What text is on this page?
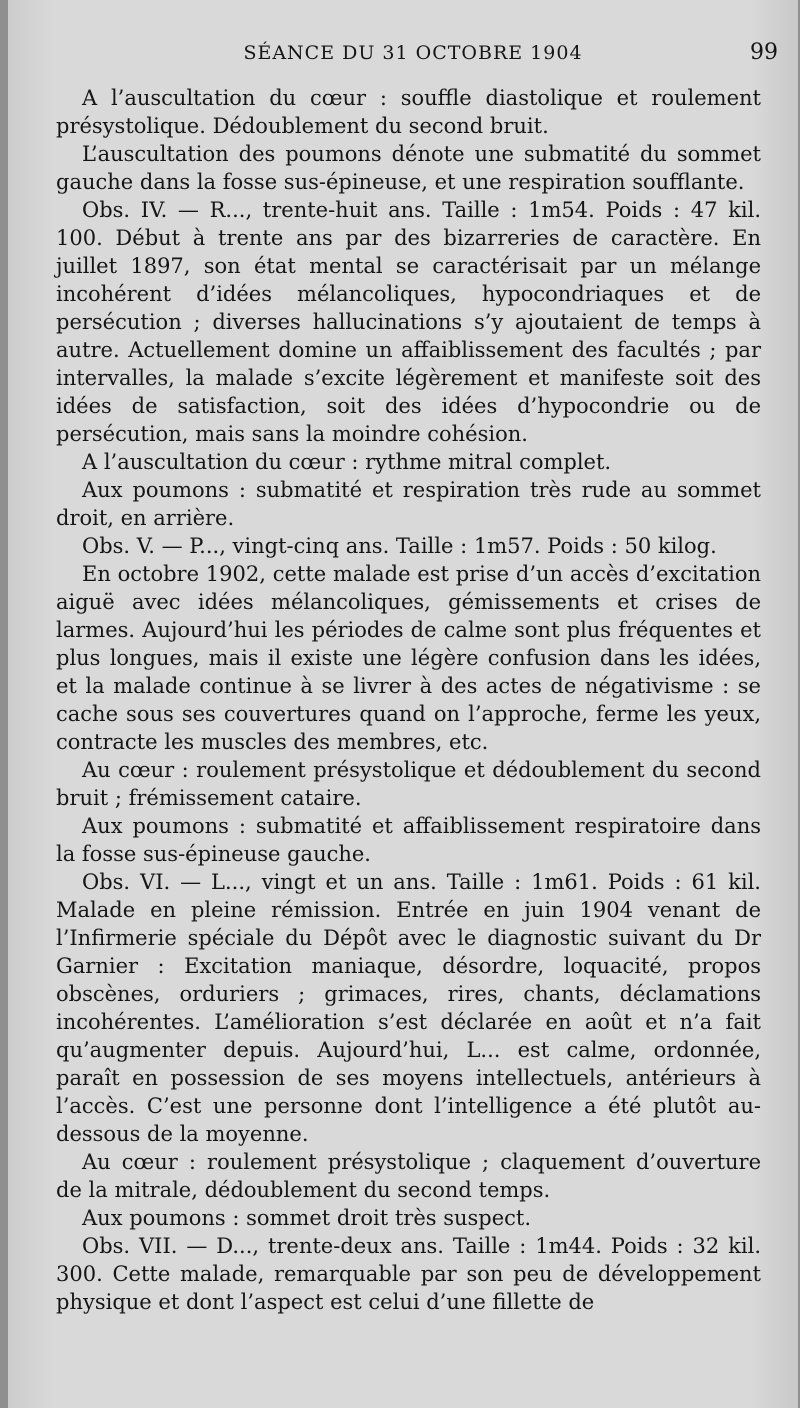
SÉANCE DU 31 OCTOBRE 1904	99

A l’auscultation du cœur : souffle diastolique et roulement présystolique. Dédoublement du second bruit.

L’auscultation des poumons dénote une submatité du sommet gauche dans la fosse sus-épineuse, et une respiration soufflante.

Obs. IV. — R..., trente-huit ans. Taille : 1m54. Poids : 47 kil. 100. Début à trente ans par des bizarreries de caractère. En juillet 1897, son état mental se caractérisait par un mélange incohérent d’idées mélancoliques, hypocondriaques et de persécution ; diverses hallucinations s’y ajoutaient de temps à autre. Actuellement domine un affaiblissement des facultés ; par intervalles, la malade s’excite légèrement et manifeste soit des idées de satisfaction, soit des idées d’hypocondrie ou de persécution, mais sans la moindre cohésion.

A l’auscultation du cœur : rythme mitral complet.

Aux poumons : submatité et respiration très rude au sommet droit, en arrière.

Obs. V. — P..., vingt-cinq ans. Taille : 1m57. Poids : 50 kilog.

En octobre 1902, cette malade est prise d’un accès d’excitation aiguë avec idées mélancoliques, gémissements et crises de larmes. Aujourd’hui les périodes de calme sont plus fréquentes et plus longues, mais il existe une légère confusion dans les idées, et la malade continue à se livrer à des actes de négativisme : se cache sous ses couvertures quand on l’approche, ferme les yeux, contracte les muscles des membres, etc.

Au cœur : roulement présystolique et dédoublement du second bruit ; frémissement cataire.

Aux poumons : submatité et affaiblissement respiratoire dans la fosse sus-épineuse gauche.

Obs. VI. — L..., vingt et un ans. Taille : 1m61. Poids : 61 kil. Malade en pleine rémission. Entrée en juin 1904 venant de l’Infirmerie spéciale du Dépôt avec le diagnostic suivant du Dr Garnier : Excitation maniaque, désordre, loquacité, propos obscènes, orduriers ; grimaces, rires, chants, déclamations incohérentes. L’amélioration s’est déclarée en août et n’a fait qu’augmenter depuis. Aujourd’hui, L... est calme, ordonnée, paraît en possession de ses moyens intellectuels, antérieurs à l’accès. C’est une personne dont l’intelligence a été plutôt au-dessous de la moyenne.

Au cœur : roulement présystolique ; claquement d’ouverture de la mitrale, dédoublement du second temps.

Aux poumons : sommet droit très suspect.

Obs. VII. — D..., trente-deux ans. Taille : 1m44. Poids : 32 kil. 300. Cette malade, remarquable par son peu de développement physique et dont l’aspect est celui d’une fillette de
